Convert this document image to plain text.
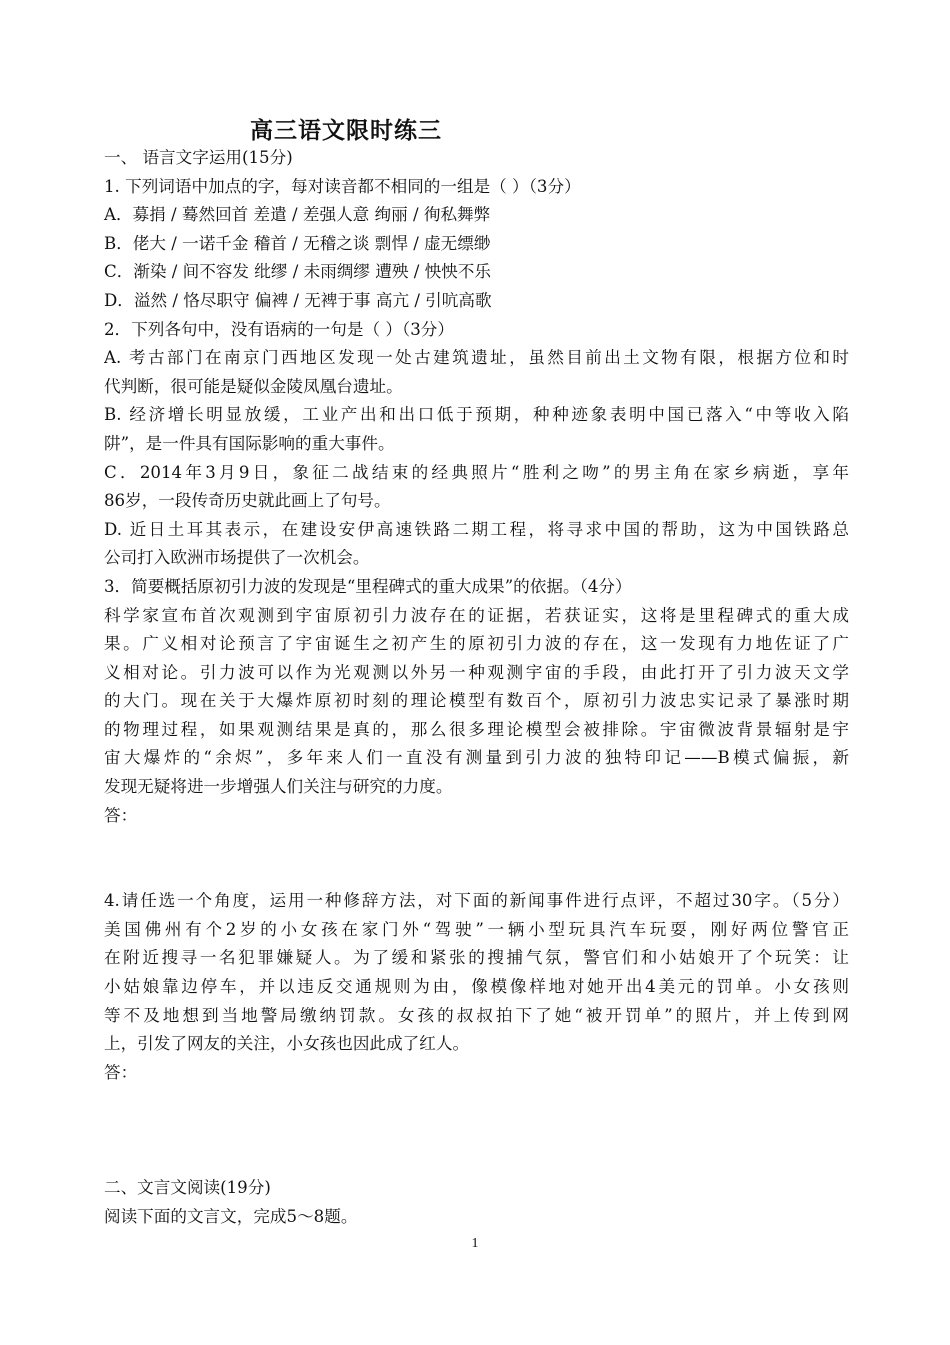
高三语文限时练三
一、 语言文字运用(15分)
1. 下列词语中加点的字，每对读音都不相同的一组是（ ）（3分）
A．募捐 / 蓦然回首 差遣 / 差强人意 绚丽 / 徇私舞弊
B．佬大 / 一诺千金 稽首 / 无稽之谈 剽悍 / 虚无缥缈
C．渐染 / 间不容发 纰缪 / 未雨绸缪 遭殃 / 怏怏不乐
D．溢然 / 恪尽职守 偏裨 / 无裨于事 高亢 / 引吭高歌
2．下列各句中，没有语病的一句是（ ）（3分）
A. 考古部门在南京门西地区发现一处古建筑遗址，虽然目前出土文物有限，根据方位和时
代判断，很可能是疑似金陵凤凰台遗址。
B. 经济增长明显放缓，工业产出和出口低于预期，种种迹象表明中国已落入“中等收入陷
阱”，是一件具有国际影响的重大事件。
C．2014年3月9日，象征二战结束的经典照片“胜利之吻”的男主角在家乡病逝，享年
86岁，一段传奇历史就此画上了句号。
D. 近日土耳其表示，在建设安伊高速铁路二期工程，将寻求中国的帮助，这为中国铁路总
公司打入欧洲市场提供了一次机会。
3．简要概括原初引力波的发现是“里程碑式的重大成果”的依据。（4分）
科学家宣布首次观测到宇宙原初引力波存在的证据，若获证实，这将是里程碑式的重大成
果。广义相对论预言了宇宙诞生之初产生的原初引力波的存在，这一发现有力地佐证了广
义相对论。引力波可以作为光观测以外另一种观测宇宙的手段，由此打开了引力波天文学
的大门。现在关于大爆炸原初时刻的理论模型有数百个，原初引力波忠实记录了暴涨时期
的物理过程，如果观测结果是真的，那么很多理论模型会被排除。宇宙微波背景辐射是宇
宙大爆炸的“余烬”，多年来人们一直没有测量到引力波的独特印记——B模式偏振，新
发现无疑将进一步增强人们关注与研究的力度。
答：
4.请任选一个角度，运用一种修辞方法，对下面的新闻事件进行点评，不超过30字。（5分）
美国佛州有个2岁的小女孩在家门外“驾驶”一辆小型玩具汽车玩耍，刚好两位警官正
在附近搜寻一名犯罪嫌疑人。为了缓和紧张的搜捕气氛，警官们和小姑娘开了个玩笑：让
小姑娘靠边停车，并以违反交通规则为由，像模像样地对她开出4美元的罚单。小女孩则
等不及地想到当地警局缴纳罚款。女孩的叔叔拍下了她“被开罚单”的照片，并上传到网
上，引发了网友的关注，小女孩也因此成了红人。
答：
二、文言文阅读(19分)
阅读下面的文言文，完成5～8题。
1
